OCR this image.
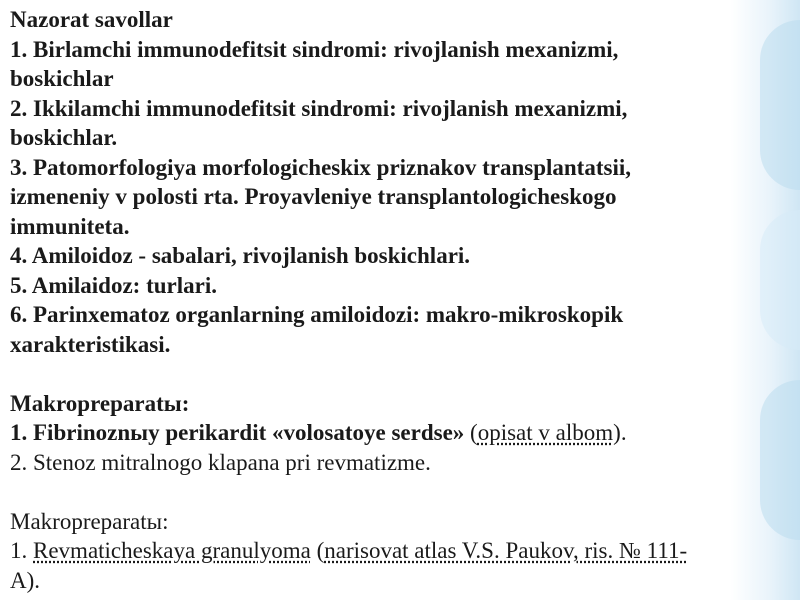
Nazorat savollar
1. Birlamchi immunodefitsit sindromi: rivojlanish mexanizmi,
boskichlar
2. Ikkilamchi immunodefitsit sindromi: rivojlanish mexanizmi,
boskichlar.
3. Patomorfologiya morfologicheskix priznakov transplantatsii,
izmeneniy v polosti rta. Proyavleniye transplantologicheskogo
immuniteta.
4. Amiloidoz - sabalari, rivojlanish boskichlari.
5. Amilaidoz: turlari.
6. Parinxematoz organlarning amiloidozi: makro-mikroskopik
xarakteristikasi.
Makropreparatы:
1. Fibrinoznыy perikardit «volosatoye serdse» (opisat v albom).
2. Stenoz mitralnogo klapana pri revmatizme.
Makropreparatы:
1. Revmaticheskaya granulyoma (narisovat atlas V.S. Paukov, ris. № 111-
A).
